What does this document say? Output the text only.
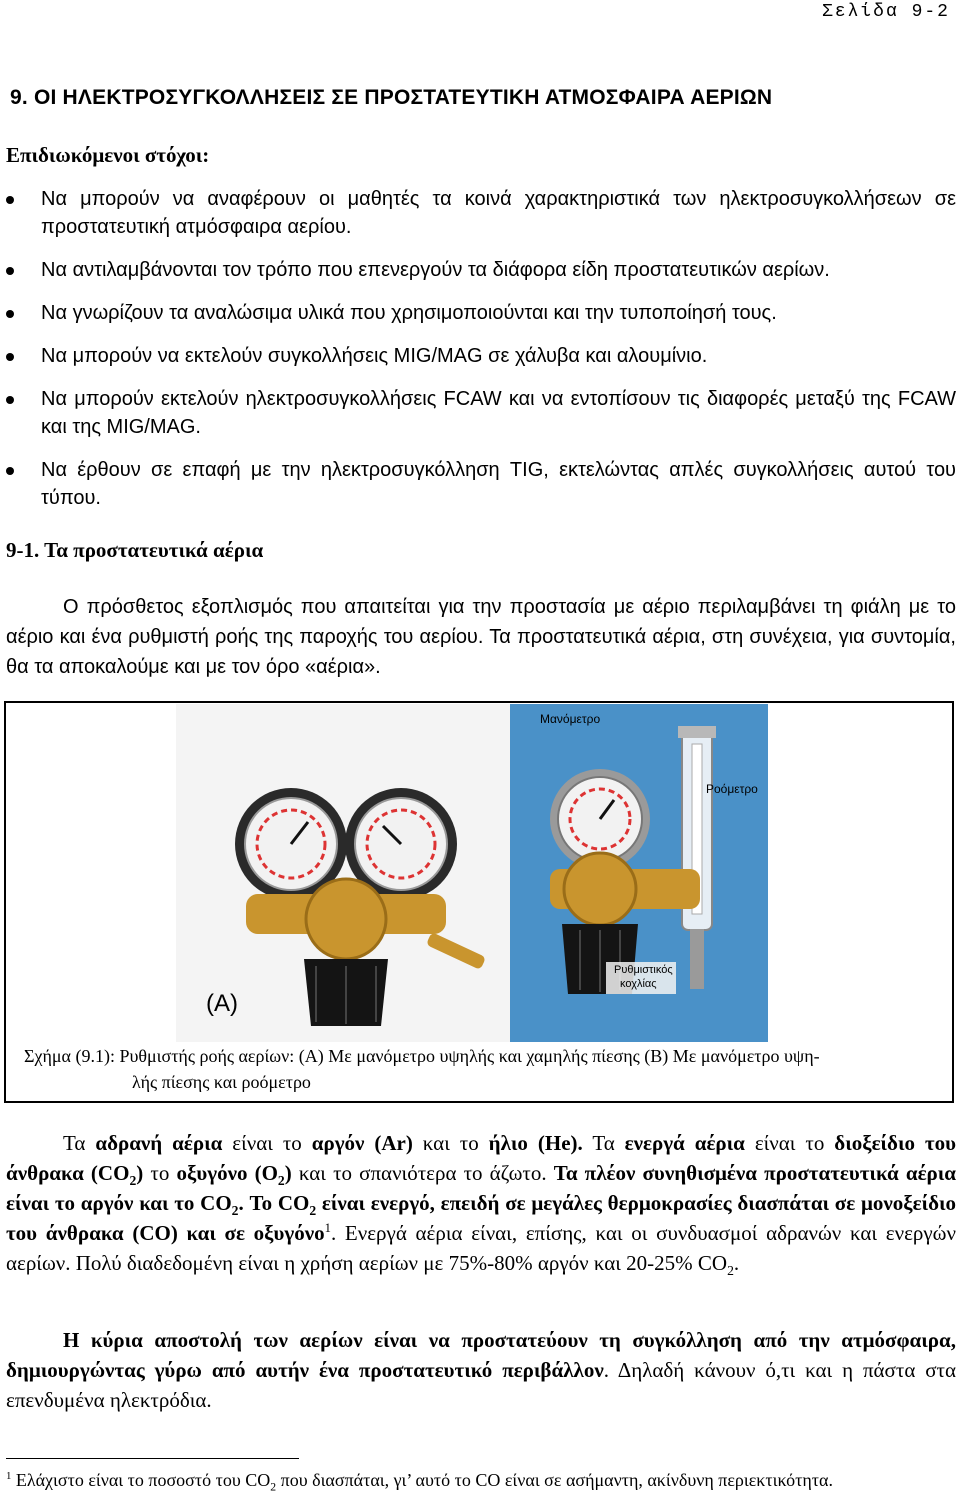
Σελίδα 9-2
9. ΟΙ ΗΛΕΚΤΡΟΣΥΓΚΟΛΛΗΣΕΙΣ ΣΕ ΠΡΟΣΤΑΤΕΥΤΙΚΗ ΑΤΜΟΣΦΑΙΡΑ ΑΕΡΙΩΝ
Επιδιωκόμενοι στόχοι:
Να μπορούν να αναφέρουν οι μαθητές τα κοινά χαρακτηριστικά των ηλεκτροσυγκολλήσεων σε προστατευτική ατμόσφαιρα αερίου.
Να αντιλαμβάνονται τον τρόπο που επενεργούν τα διάφορα είδη προστατευτικών αερίων.
Να γνωρίζουν τα αναλώσιμα υλικά που χρησιμοποιούνται και την τυποποίησή τους.
Να μπορούν να εκτελούν συγκολλήσεις MIG/MAG σε χάλυβα και αλουμίνιο.
Να μπορούν εκτελούν ηλεκτροσυγκολλήσεις FCAW και να εντοπίσουν τις διαφορές μεταξύ της FCAW και της MIG/MAG.
Να έρθουν σε επαφή με την ηλεκτροσυγκόλληση TIG, εκτελώντας απλές συγκολλήσεις αυτού του τύπου.
9-1. Τα προστατευτικά αέρια

Ο πρόσθετος εξοπλισμός που απαιτείται για την προστασία με αέριο περιλαμβάνει τη φιάλη με το αέριο και ένα ρυθμιστή ροής της παροχής του αερίου. Τα προστατευτικά αέρια, στη συνέχεια, για συντομία, θα τα αποκαλούμε και με τον όρο «αέρια».

(A)
Μανόμετρο
Ροόμετρο
Ρυθμιστικός
κοχλίας

Σχήμα (9.1): Ρυθμιστής ροής αερίων: (Α) Με μανόμετρο υψηλής και χαμηλής πίεσης (Β) Με μανόμετρο υψη-
λής πίεσης και ροόμετρο

Τα αδρανή αέρια είναι το αργόν (Ar) και το ήλιο (He). Τα ενεργά αέρια είναι το διοξείδιο του άνθρακα $(CO_2)$ το οξυγόνο $(O_2)$ και το σπανιότερα το άζωτο. Τα πλέον συνηθισμένα προστατευτικά αέρια είναι το αργόν και το $CO_2$. Το $CO_2$ είναι ενεργό, επειδή σε μεγάλες θερμοκρασίες διασπάται σε μονοξείδιο του άνθρακα (CO) και σε οξυγόνο$^1$. Ενεργά αέρια είναι, επίσης, και οι συνδυασμοί αδρανών και ενεργών αερίων. Πολύ διαδεδομένη είναι η χρήση αερίων με 75%-80% αργόν και 20-25% $CO_2$.

Η κύρια αποστολή των αερίων είναι να προστατεύουν τη συγκόλληση από την ατμόσφαιρα, δημιουργώντας γύρω από αυτήν ένα προστατευτικό περιβάλλον. Δηλαδή κάνουν ό,τι και η πάστα στα επενδυμένα ηλεκτρόδια.

$^1$ Ελάχιστο είναι το ποσοστό του $CO_2$ που διασπάται, γι’ αυτό το CO είναι σε ασήμαντη, ακίνδυνη περιεκτικότητα.
